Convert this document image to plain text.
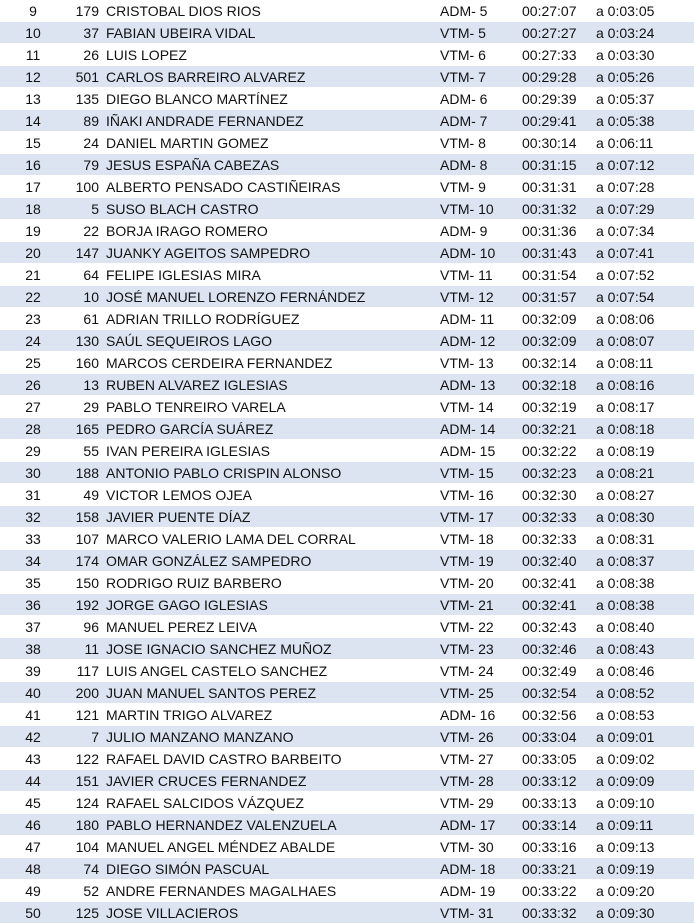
9	179	CRISTOBAL DIOS RIOS	ADM- 5	00:27:07	a 0:03:05
10	37	FABIAN UBEIRA VIDAL	VTM- 5	00:27:27	a 0:03:24
11	26	LUIS LOPEZ	VTM- 6	00:27:33	a 0:03:30
12	501	CARLOS BARREIRO ALVAREZ	VTM- 7	00:29:28	a 0:05:26
13	135	DIEGO BLANCO MARTÍNEZ	ADM- 6	00:29:39	a 0:05:37
14	89	IÑAKI ANDRADE FERNANDEZ	ADM- 7	00:29:41	a 0:05:38
15	24	DANIEL MARTIN GOMEZ	VTM- 8	00:30:14	a 0:06:11
16	79	JESUS ESPAÑA CABEZAS	ADM- 8	00:31:15	a 0:07:12
17	100	ALBERTO PENSADO CASTIÑEIRAS	VTM- 9	00:31:31	a 0:07:28
18	5	SUSO BLACH CASTRO	VTM- 10	00:31:32	a 0:07:29
19	22	BORJA IRAGO ROMERO	ADM- 9	00:31:36	a 0:07:34
20	147	JUANKY AGEITOS SAMPEDRO	ADM- 10	00:31:43	a 0:07:41
21	64	FELIPE IGLESIAS MIRA	VTM- 11	00:31:54	a 0:07:52
22	10	JOSÉ MANUEL LORENZO FERNÁNDEZ	VTM- 12	00:31:57	a 0:07:54
23	61	ADRIAN TRILLO RODRÍGUEZ	ADM- 11	00:32:09	a 0:08:06
24	130	SAÚL SEQUEIROS LAGO	ADM- 12	00:32:09	a 0:08:07
25	160	MARCOS CERDEIRA FERNANDEZ	VTM- 13	00:32:14	a 0:08:11
26	13	RUBEN ALVAREZ IGLESIAS	ADM- 13	00:32:18	a 0:08:16
27	29	PABLO TENREIRO VARELA	VTM- 14	00:32:19	a 0:08:17
28	165	PEDRO GARCÍA SUÁREZ	ADM- 14	00:32:21	a 0:08:18
29	55	IVAN PEREIRA IGLESIAS	ADM- 15	00:32:22	a 0:08:19
30	188	ANTONIO PABLO CRISPIN ALONSO	VTM- 15	00:32:23	a 0:08:21
31	49	VICTOR LEMOS OJEA	VTM- 16	00:32:30	a 0:08:27
32	158	JAVIER PUENTE DÍAZ	VTM- 17	00:32:33	a 0:08:30
33	107	MARCO VALERIO LAMA DEL CORRAL	VTM- 18	00:32:33	a 0:08:31
34	174	OMAR GONZÁLEZ SAMPEDRO	VTM- 19	00:32:40	a 0:08:37
35	150	RODRIGO RUIZ BARBERO	VTM- 20	00:32:41	a 0:08:38
36	192	JORGE GAGO IGLESIAS	VTM- 21	00:32:41	a 0:08:38
37	96	MANUEL PEREZ LEIVA	VTM- 22	00:32:43	a 0:08:40
38	11	JOSE IGNACIO SANCHEZ MUÑOZ	VTM- 23	00:32:46	a 0:08:43
39	117	LUIS ANGEL CASTELO SANCHEZ	VTM- 24	00:32:49	a 0:08:46
40	200	JUAN MANUEL SANTOS PEREZ	VTM- 25	00:32:54	a 0:08:52
41	121	MARTIN TRIGO ALVAREZ	ADM- 16	00:32:56	a 0:08:53
42	7	JULIO MANZANO MANZANO	VTM- 26	00:33:04	a 0:09:01
43	122	RAFAEL DAVID CASTRO BARBEITO	VTM- 27	00:33:05	a 0:09:02
44	151	JAVIER CRUCES FERNANDEZ	VTM- 28	00:33:12	a 0:09:09
45	124	RAFAEL SALCIDOS VÁZQUEZ	VTM- 29	00:33:13	a 0:09:10
46	180	PABLO HERNANDEZ VALENZUELA	ADM- 17	00:33:14	a 0:09:11
47	104	MANUEL ANGEL MÉNDEZ ABALDE	VTM- 30	00:33:16	a 0:09:13
48	74	DIEGO SIMÓN PASCUAL	ADM- 18	00:33:21	a 0:09:19
49	52	ANDRE FERNANDES MAGALHAES	ADM- 19	00:33:22	a 0:09:20
50	125	JOSE VILLACIEROS	VTM- 31	00:33:32	a 0:09:30
